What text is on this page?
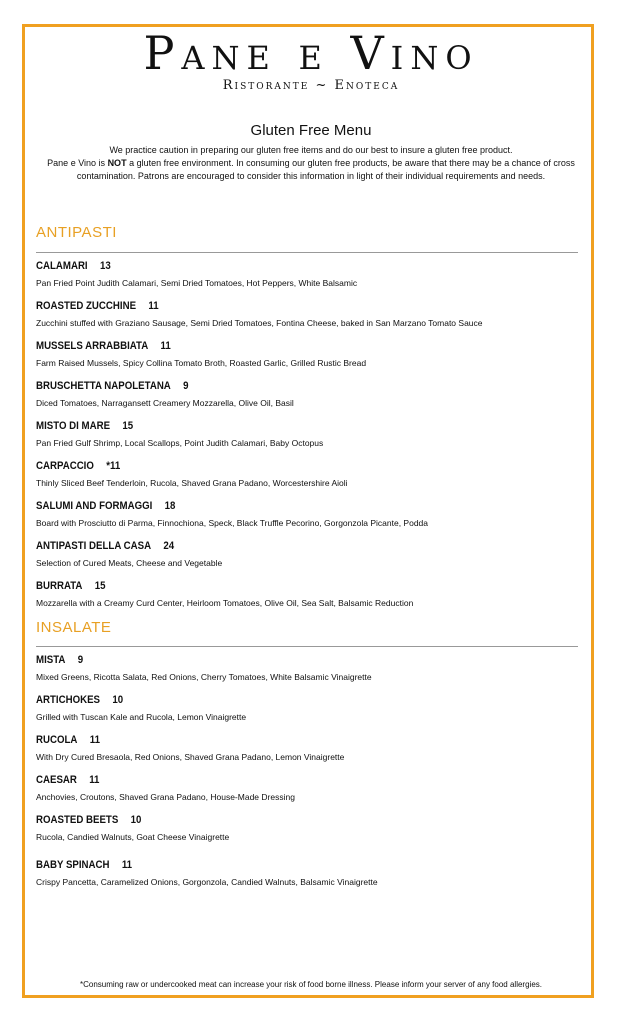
Pane e Vino
Ristorante ~ Enoteca
Gluten Free Menu
We practice caution in preparing our gluten free items and do our best to insure a gluten free product.
Pane e Vino is NOT a gluten free environment. In consuming our gluten free products, be aware that there may be a chance of cross
contamination. Patrons are encouraged to consider this information in light of their individual requirements and needs.
ANTIPASTI
CALAMARI 13
Pan Fried Point Judith Calamari, Semi Dried Tomatoes, Hot Peppers, White Balsamic
ROASTED ZUCCHINE 11
Zucchini stuffed with Graziano Sausage, Semi Dried Tomatoes, Fontina Cheese, baked in San Marzano Tomato Sauce
MUSSELS ARRABBIATA 11
Farm Raised Mussels, Spicy Collina Tomato Broth, Roasted Garlic, Grilled Rustic Bread
BRUSCHETTA NAPOLETANA 9
Diced Tomatoes, Narragansett Creamery Mozzarella, Olive Oil, Basil
MISTO DI MARE 15
Pan Fried Gulf Shrimp, Local Scallops, Point Judith Calamari, Baby Octopus
CARPACCIO *11
Thinly Sliced Beef Tenderloin, Rucola, Shaved Grana Padano, Worcestershire Aioli
SALUMI AND FORMAGGI 18
Board with Prosciutto di Parma, Finnochiona, Speck, Black Truffle Pecorino, Gorgonzola Picante, Podda
ANTIPASTI DELLA CASA 24
Selection of Cured Meats, Cheese and Vegetable
BURRATA 15
Mozzarella with a Creamy Curd Center, Heirloom Tomatoes, Olive Oil, Sea Salt, Balsamic Reduction
INSALATE
MISTA 9
Mixed Greens, Ricotta Salata, Red Onions, Cherry Tomatoes, White Balsamic Vinaigrette
ARTICHOKES 10
Grilled with Tuscan Kale and Rucola, Lemon Vinaigrette
RUCOLA 11
With Dry Cured Bresaola, Red Onions, Shaved Grana Padano, Lemon Vinaigrette
CAESAR 11
Anchovies, Croutons, Shaved Grana Padano, House-Made Dressing
ROASTED BEETS 10
Rucola, Candied Walnuts, Goat Cheese Vinaigrette
BABY SPINACH 11
Crispy Pancetta, Caramelized Onions, Gorgonzola, Candied Walnuts, Balsamic Vinaigrette
*Consuming raw or undercooked meat can increase your risk of food borne illness. Please inform your server of any food allergies.
